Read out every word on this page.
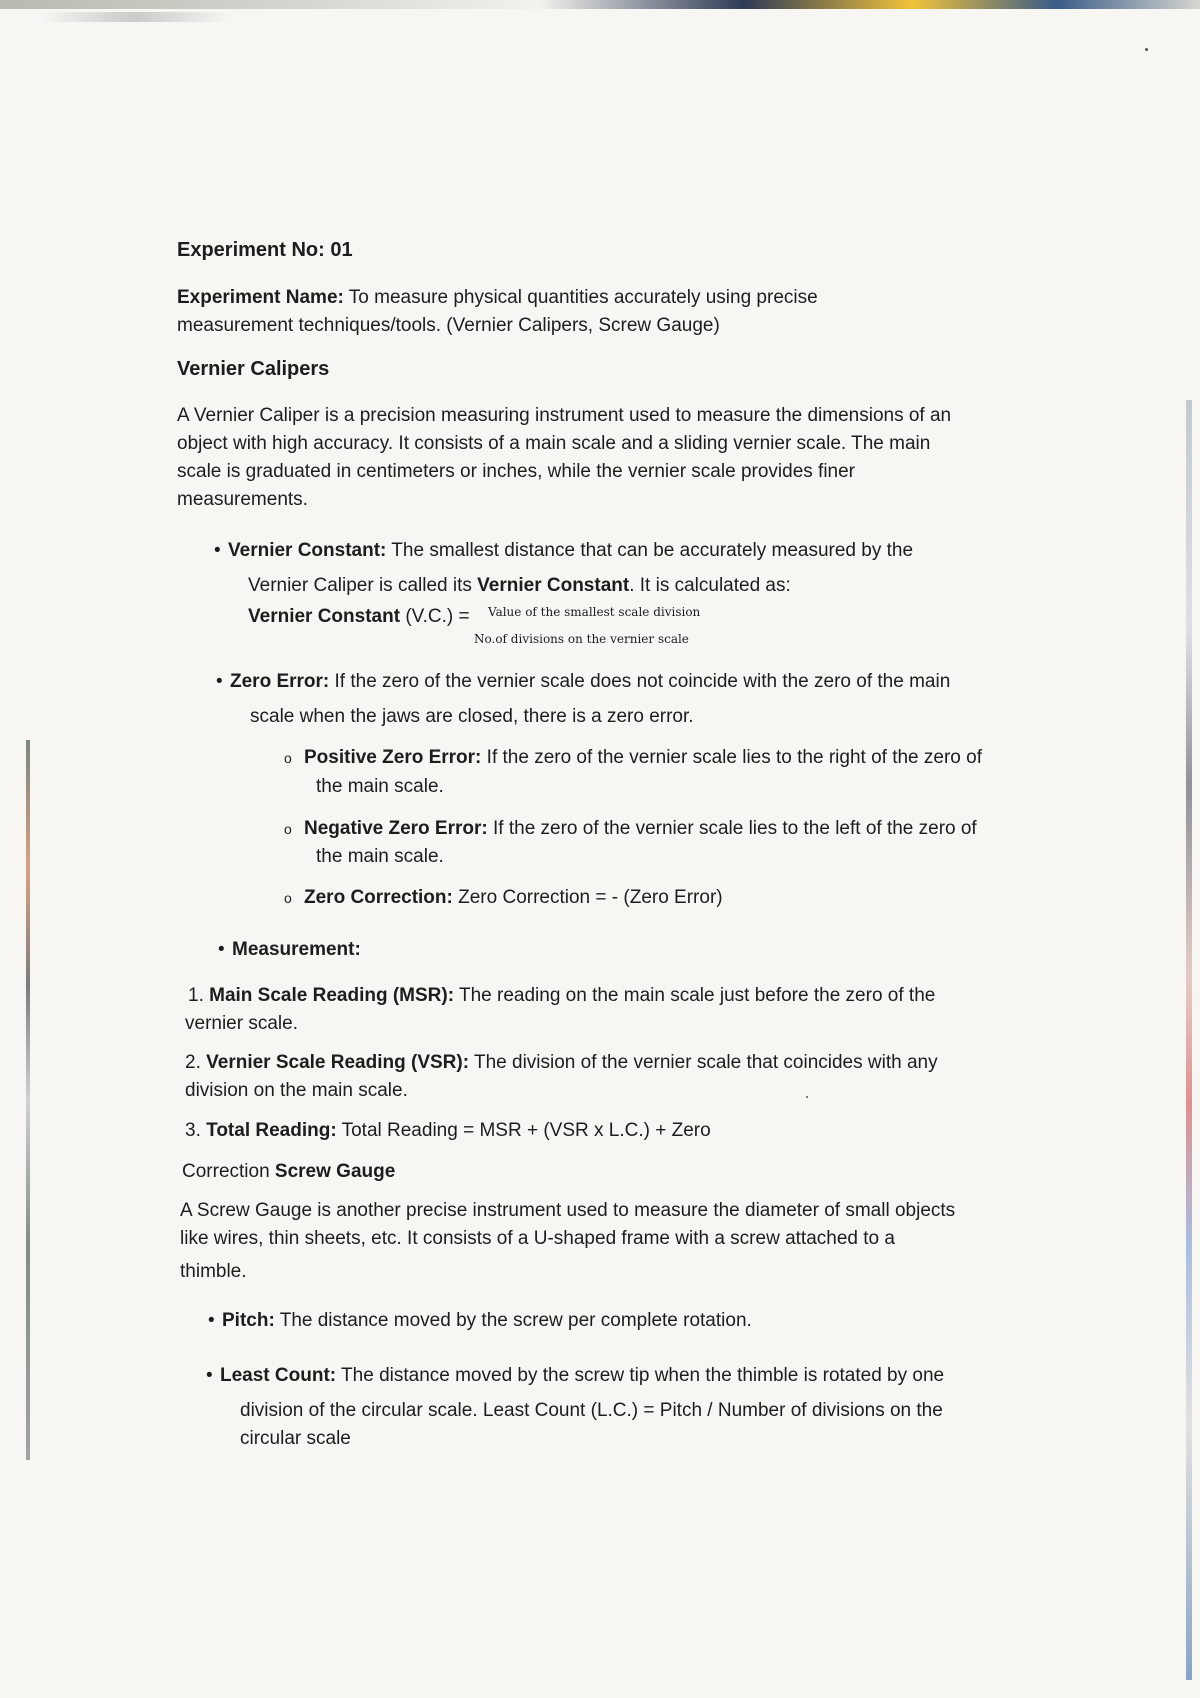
Experiment No: 01
Experiment Name: To measure physical quantities accurately using precise
measurement techniques/tools. (Vernier Calipers, Screw Gauge)
Vernier Calipers
A Vernier Caliper is a precision measuring instrument used to measure the dimensions of an
object with high accuracy. It consists of a main scale and a sliding vernier scale. The main
scale is graduated in centimeters or inches, while the vernier scale provides finer
measurements.
• Vernier Constant: The smallest distance that can be accurately measured by the
Vernier Caliper is called its Vernier Constant. It is calculated as:
Vernier Constant (V.C.) = Value of the smallest scale division
No.of divisions on the vernier scale
• Zero Error: If the zero of the vernier scale does not coincide with the zero of the main
scale when the jaws are closed, there is a zero error.
o Positive Zero Error: If the zero of the vernier scale lies to the right of the zero of
the main scale.
o Negative Zero Error: If the zero of the vernier scale lies to the left of the zero of
the main scale.
o Zero Correction: Zero Correction = - (Zero Error)
• Measurement:
1. Main Scale Reading (MSR): The reading on the main scale just before the zero of the
vernier scale.
2. Vernier Scale Reading (VSR): The division of the vernier scale that coincides with any
division on the main scale.
3. Total Reading: Total Reading = MSR + (VSR x L.C.) + Zero
Correction Screw Gauge
A Screw Gauge is another precise instrument used to measure the diameter of small objects
like wires, thin sheets, etc. It consists of a U-shaped frame with a screw attached to a
thimble.
• Pitch: The distance moved by the screw per complete rotation.
• Least Count: The distance moved by the screw tip when the thimble is rotated by one
division of the circular scale. Least Count (L.C.) = Pitch / Number of divisions on the
circular scale
